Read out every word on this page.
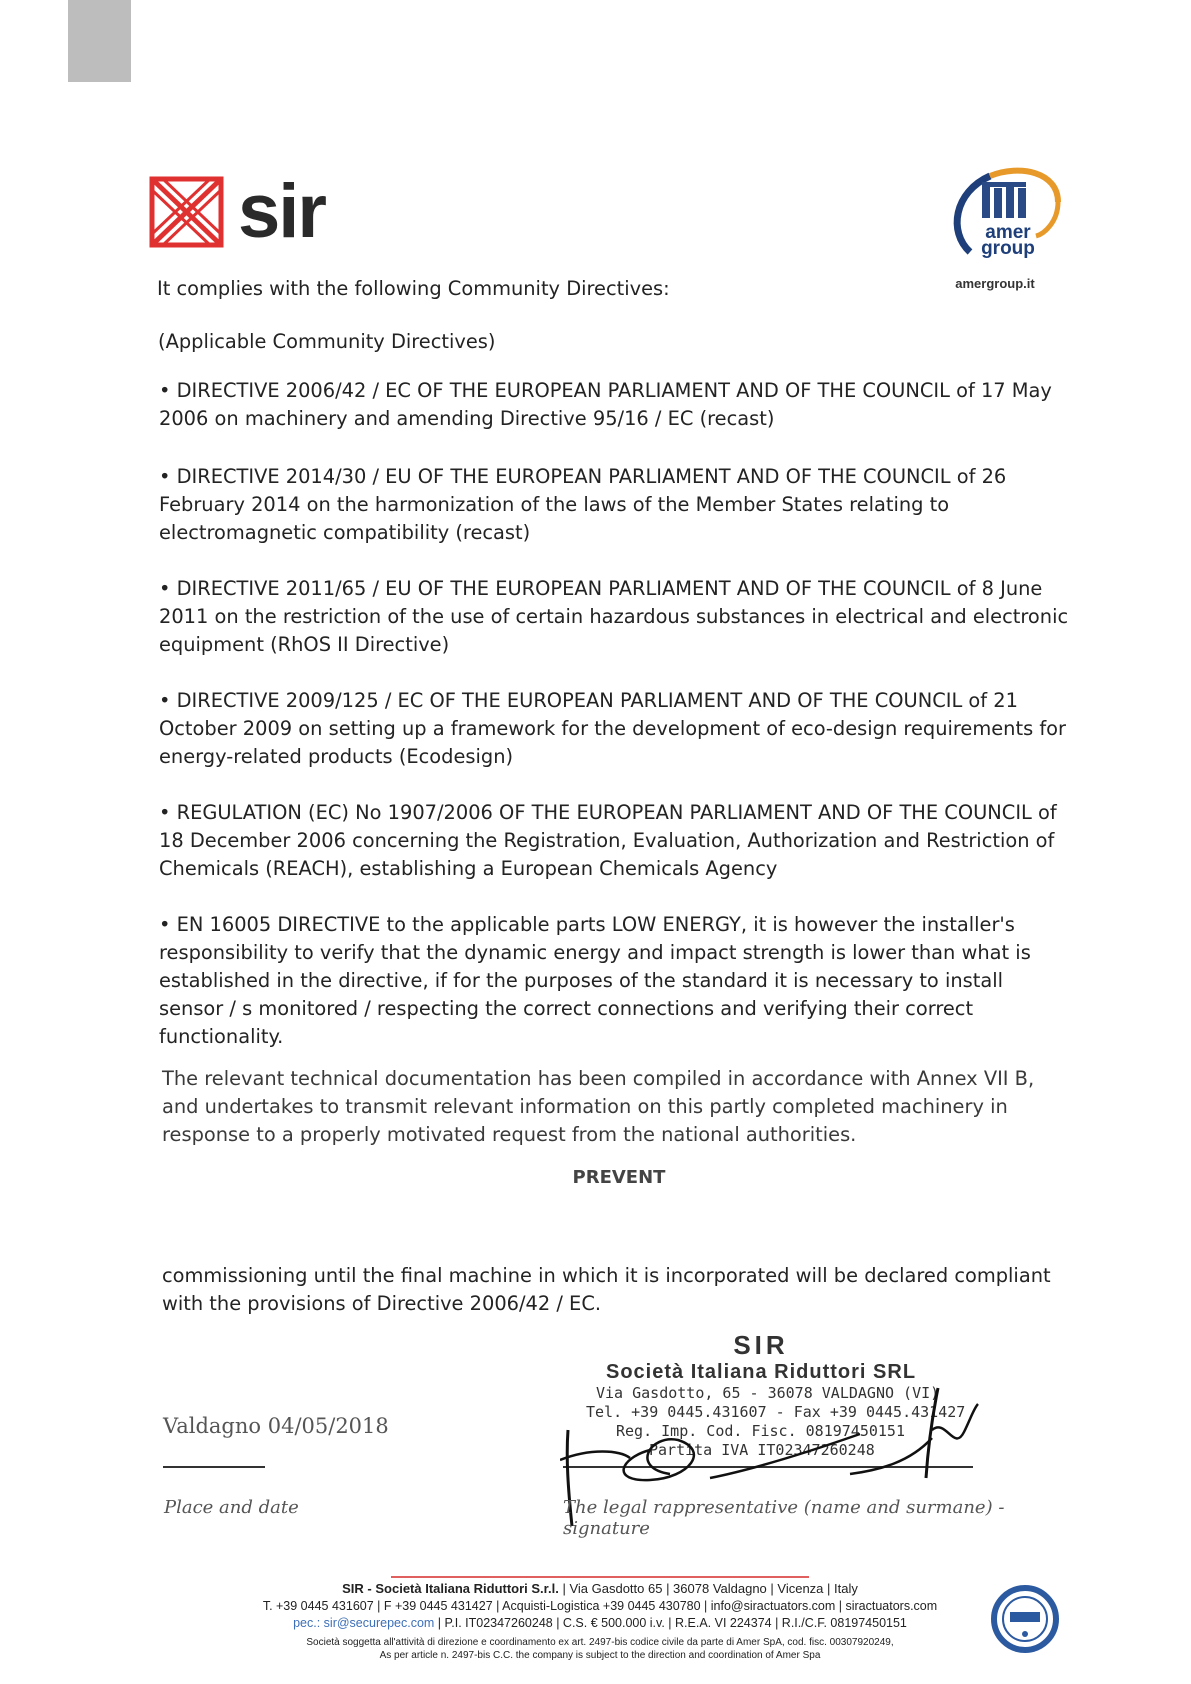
sir	amer
group
amergroup.it
It complies with the following Community Directives:
(Applicable Community Directives)

• DIRECTIVE 2006/42 / EC OF THE EUROPEAN PARLIAMENT AND OF THE COUNCIL of 17 May 2006 on machinery and amending Directive 95/16 / EC (recast)

• DIRECTIVE 2014/30 / EU OF THE EUROPEAN PARLIAMENT AND OF THE COUNCIL of 26 February 2014 on the harmonization of the laws of the Member States relating to electromagnetic compatibility (recast)

• DIRECTIVE 2011/65 / EU OF THE EUROPEAN PARLIAMENT AND OF THE COUNCIL of 8 June 2011 on the restriction of the use of certain hazardous substances in electrical and electronic equipment (RhOS II Directive)

• DIRECTIVE 2009/125 / EC OF THE EUROPEAN PARLIAMENT AND OF THE COUNCIL of 21 October 2009 on setting up a framework for the development of eco-design requirements for energy-related products (Ecodesign)

• REGULATION (EC) No 1907/2006 OF THE EUROPEAN PARLIAMENT AND OF THE COUNCIL of 18 December 2006 concerning the Registration, Evaluation, Authorization and Restriction of Chemicals (REACH), establishing a European Chemicals Agency

• EN 16005 DIRECTIVE to the applicable parts LOW ENERGY, it is however the installer's responsibility to verify that the dynamic energy and impact strength is lower than what is established in the directive, if for the purposes of the standard it is necessary to install sensor / s monitored / respecting the correct connections and verifying their correct functionality.

The relevant technical documentation has been compiled in accordance with Annex VII B, and undertakes to transmit relevant information on this partly completed machinery in response to a properly motivated request from the national authorities.

PREVENT

commissioning until the final machine in which it is incorporated will be declared compliant with the provisions of Directive 2006/42 / EC.

Valdagno 04/05/2018
Place and date
SIR
Società Italiana Riduttori SRL
Via Gasdotto, 65 - 36078 VALDAGNO (VI)
Tel. +39 0445.431607 - Fax +39 0445.431427
Reg. Imp. Cod. Fisc. 08197450151
Partita IVA IT02347260248
The legal rappresentative (name and surmane) - signature
SIR - Società Italiana Riduttori S.r.l. | Via Gasdotto 65 | 36078 Valdagno | Vicenza | Italy
T. +39 0445 431607 | F +39 0445 431427 | Acquisti-Logistica +39 0445 430780 | info@siractuators.com | siractuators.com
pec.: sir@securepec.com | P.I. IT02347260248 | C.S. € 500.000 i.v. | R.E.A. VI 224374 | R.I./C.F. 08197450151
Società soggetta all'attività di direzione e coordinamento ex art. 2497-bis codice civile da parte di Amer SpA, cod. fisc. 00307920249,
As per article n. 2497-bis C.C. the company is subject to the direction and coordination of Amer Spa
